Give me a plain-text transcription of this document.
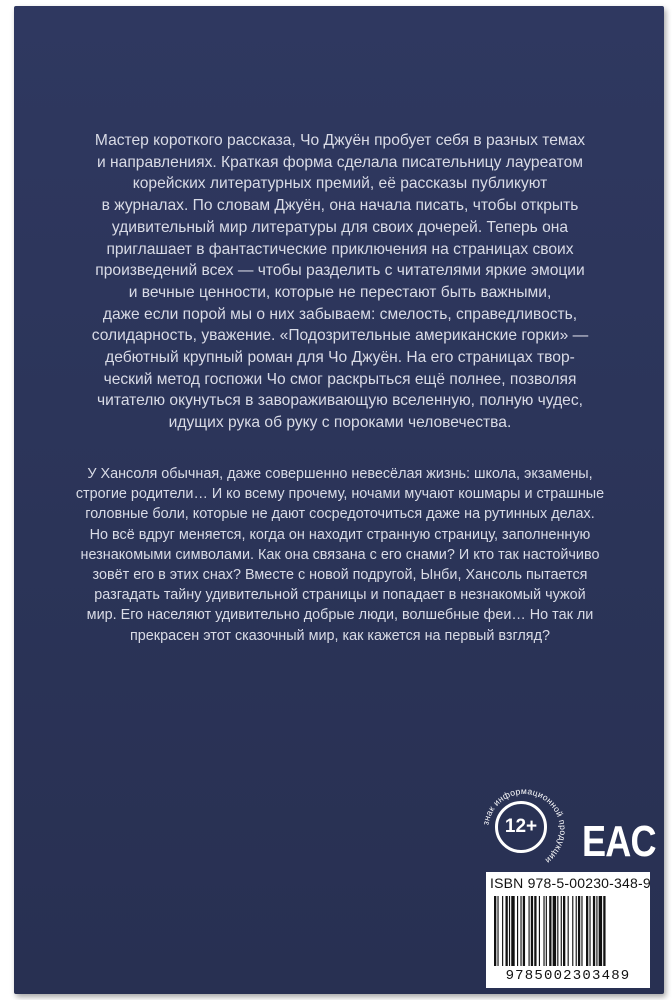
Мастер короткого рассказа, Чо Джуён пробует себя в разных темах
и направлениях. Краткая форма сделала писательницу лауреатом
корейских литературных премий, её рассказы публикуют
в журналах. По словам Джуён, она начала писать, чтобы открыть
удивительный мир литературы для своих дочерей. Теперь она
приглашает в фантастические приключения на страницах своих
произведений всех — чтобы разделить с читателями яркие эмоции
и вечные ценности, которые не перестают быть важными,
даже если порой мы о них забываем: смелость, справедливость,
солидарность, уважение. «Подозрительные американские горки» —
дебютный крупный роман для Чо Джуён. На его страницах твор-
ческий метод госпожи Чо смог раскрыться ещё полнее, позволяя
читателю окунуться в завораживающую вселенную, полную чудес,
идущих рука об руку с пороками человечества.
У Хансоля обычная, даже совершенно невесёлая жизнь: школа, экзамены,
строгие родители… И ко всему прочему, ночами мучают кошмары и страшные
головные боли, которые не дают сосредоточиться даже на рутинных делах.
Но всё вдруг меняется, когда он находит странную страницу, заполненную
незнакомыми символами. Как она связана с его снами? И кто так настойчиво
зовёт его в этих снах? Вместе с новой подругой, Ынби, Хансоль пытается
разгадать тайну удивительной страницы и попадает в незнакомый чужой
мир. Его населяют удивительно добрые люди, волшебные феи… Но так ли
прекрасен этот сказочный мир, как кажется на первый взгляд?
знак информационной продукции
12+ EAC
ISBN 978-5-00230-348-9
9785002303489
